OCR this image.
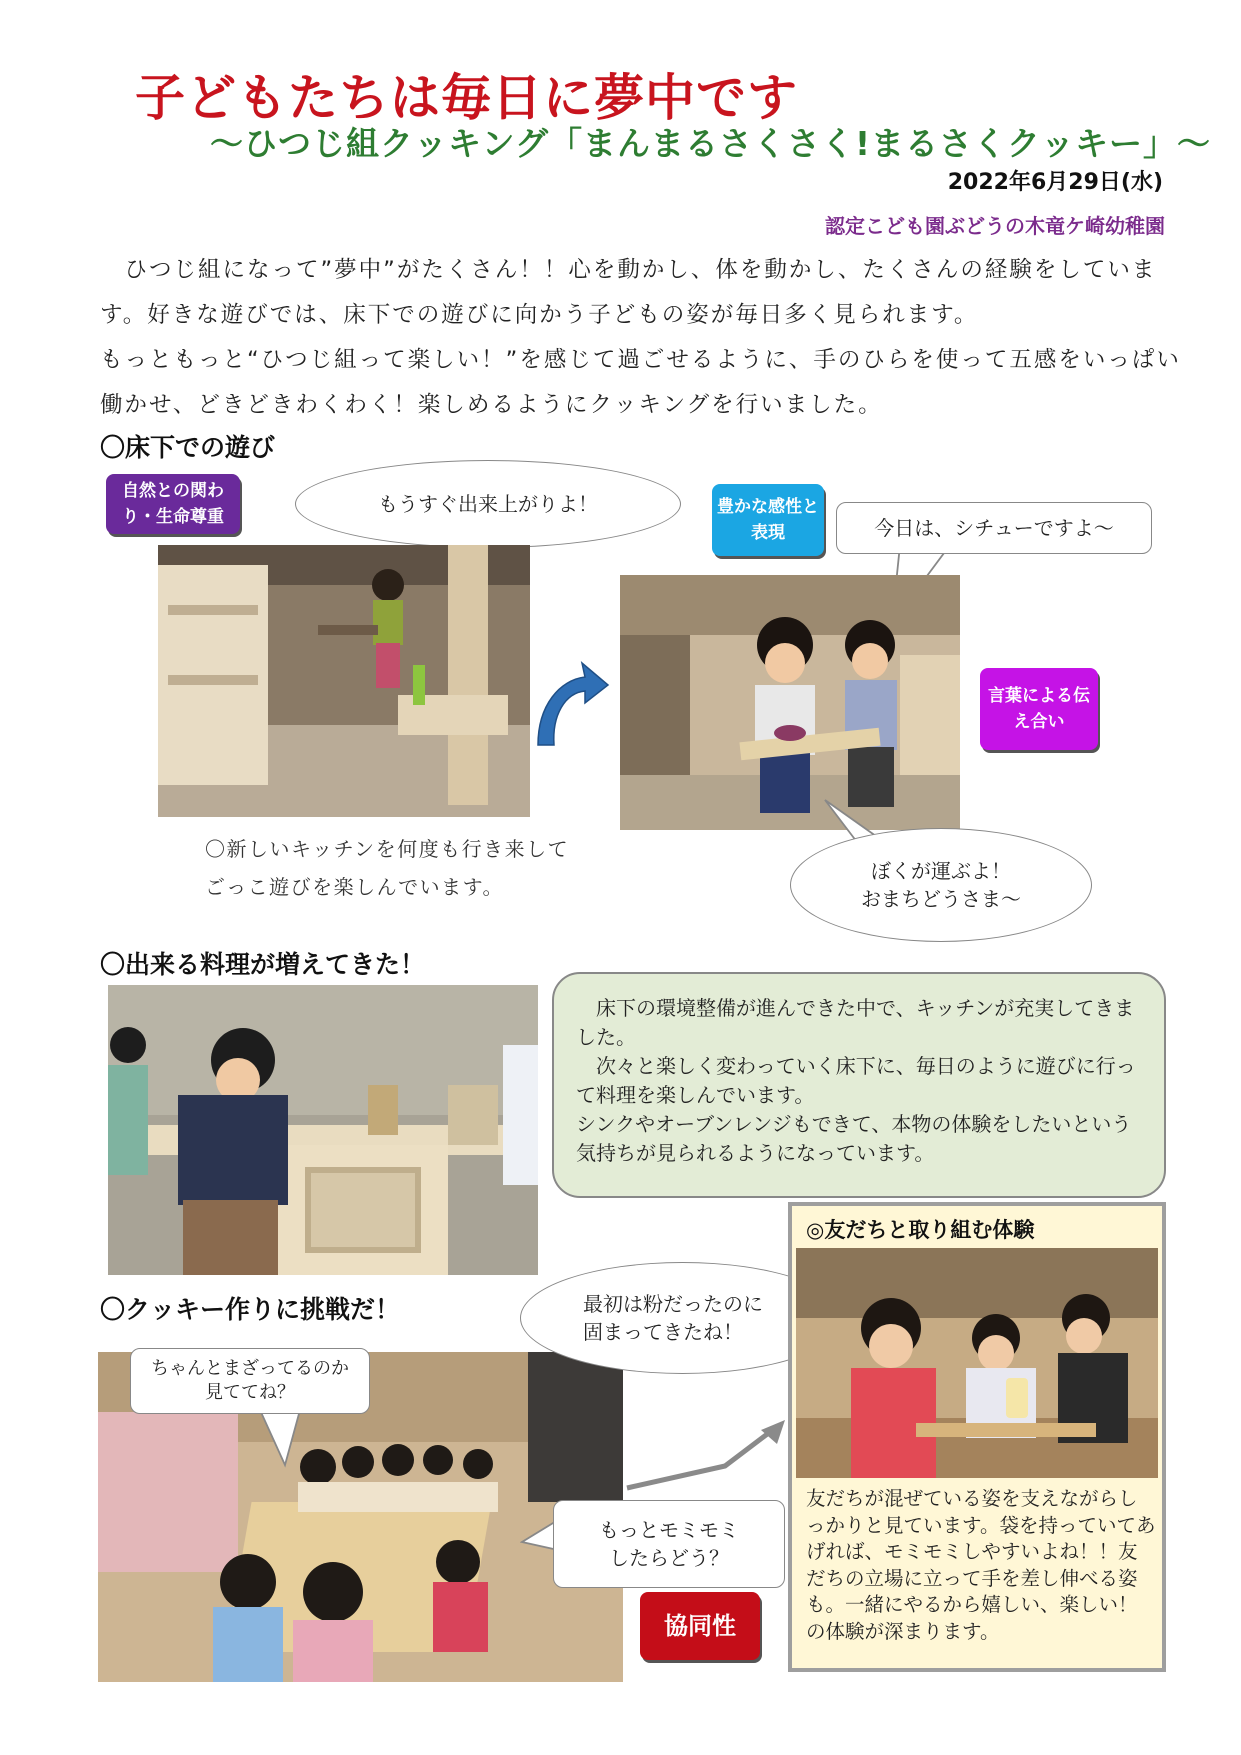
子どもたちは毎日に夢中です
～ひつじ組クッキング「まんまるさくさく!まるさくクッキー」～
2022年6月29日(水)
認定こども園ぶどうの木竜ケ崎幼稚園

　ひつじ組になって”夢中”がたくさん！！心を動かし、体を動かし、たくさんの経験をしています。好きな遊びでは、床下での遊びに向かう子どもの姿が毎日多く見られます。

もっともっと“ひつじ組って楽しい！”を感じて過ごせるように、手のひらを使って五感をいっぱい働かせ、どきどきわくわく！楽しめるようにクッキングを行いました。

〇床下での遊び
自然との関わり・生命尊重
もうすぐ出来上がりよ！	豊かな感性と表現	今日は、シチューですよ～
言葉による伝え合い
ぼくが運ぶよ！
おまちどうさま～
〇新しいキッチンを何度も行き来して
ごっこ遊びを楽しんでいます。
〇出来る料理が増えてきた！

　床下の環境整備が進んできた中で、キッチンが充実してきました。

　次々と楽しく変わっていく床下に、毎日のように遊びに行って料理を楽しんでいます。

シンクやオーブンレンジもできて、本物の体験をしたいという気持ちが見られるようになっています。

〇クッキー作りに挑戦だ！
ちゃんとまざってるのか
見ててね？
最初は粉だったのに
固まってきたね！
もっとモミモミ
したらどう？
協同性
◎友だちと取り組む体験
友だちが混ぜている姿を支えながらしっかりと見ています。袋を持っていてあげれば、モミモミしやすいよね！！友だちの立場に立って手を差し伸べる姿も。一緒にやるから嬉しい、楽しい！の体験が深まります。
